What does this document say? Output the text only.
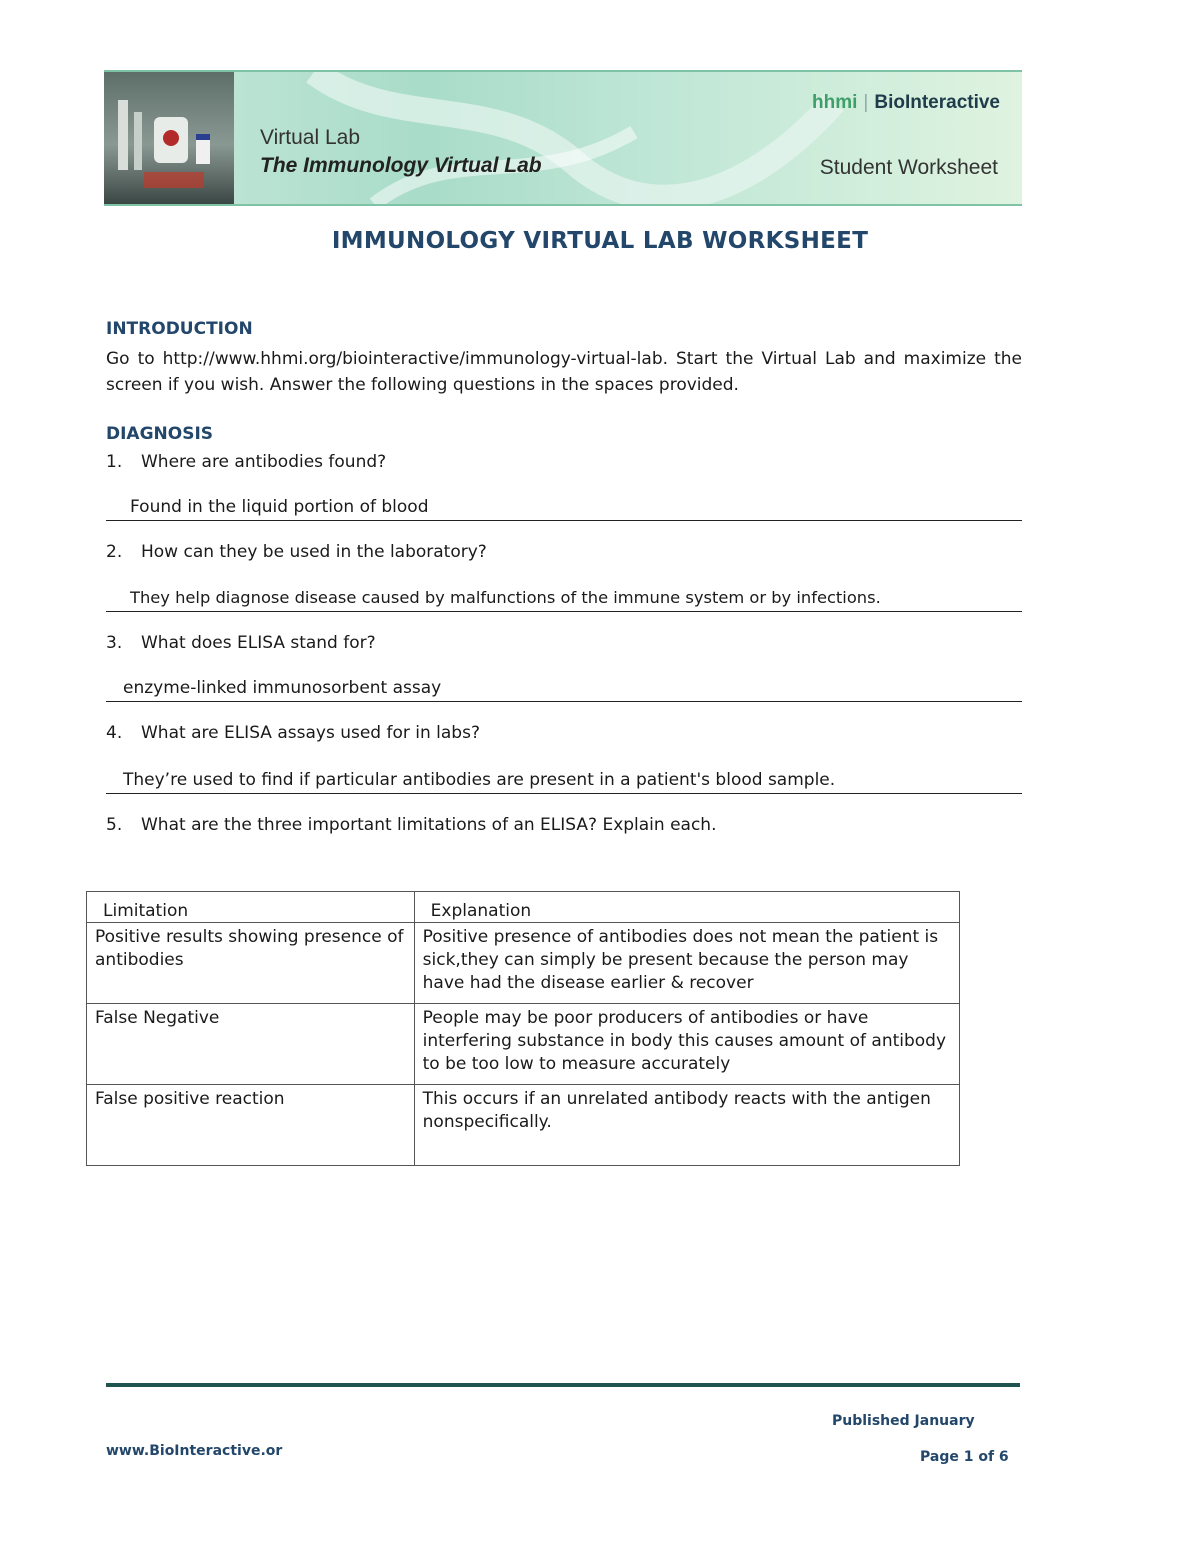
Virtual Lab
The Immunology Virtual Lab
hhmi | BioInteractive
Student Worksheet
IMMUNOLOGY VIRTUAL LAB WORKSHEET
INTRODUCTION
Go to http://www.hhmi.org/biointeractive/immunology-virtual-lab. Start the Virtual Lab and maximize the screen if you wish. Answer the following questions in the spaces provided.
DIAGNOSIS
1. Where are antibodies found?
Found in the liquid portion of blood
2. How can they be used in the laboratory?
They help diagnose disease caused by malfunctions of the immune system or by infections.
3. What does ELISA stand for?
enzyme-linked immunosorbent assay
4. What are ELISA assays used for in labs?
They’re used to find if particular antibodies are present in a patient's blood sample.
5. What are the three important limitations of an ELISA? Explain each.
Limitation	Explanation

Positive results showing presence of antibodies	Positive presence of antibodies does not mean the patient is sick,they can simply be present because the person may have had the disease earlier & recover
False Negative	People may be poor producers of antibodies or have interfering substance in body this causes amount of antibody to be too low to measure accurately
False positive reaction	This occurs if an unrelated antibody reacts with the antigen nonspecifically.
Published January
www.BioInteractive.or	Page 1 of 6
